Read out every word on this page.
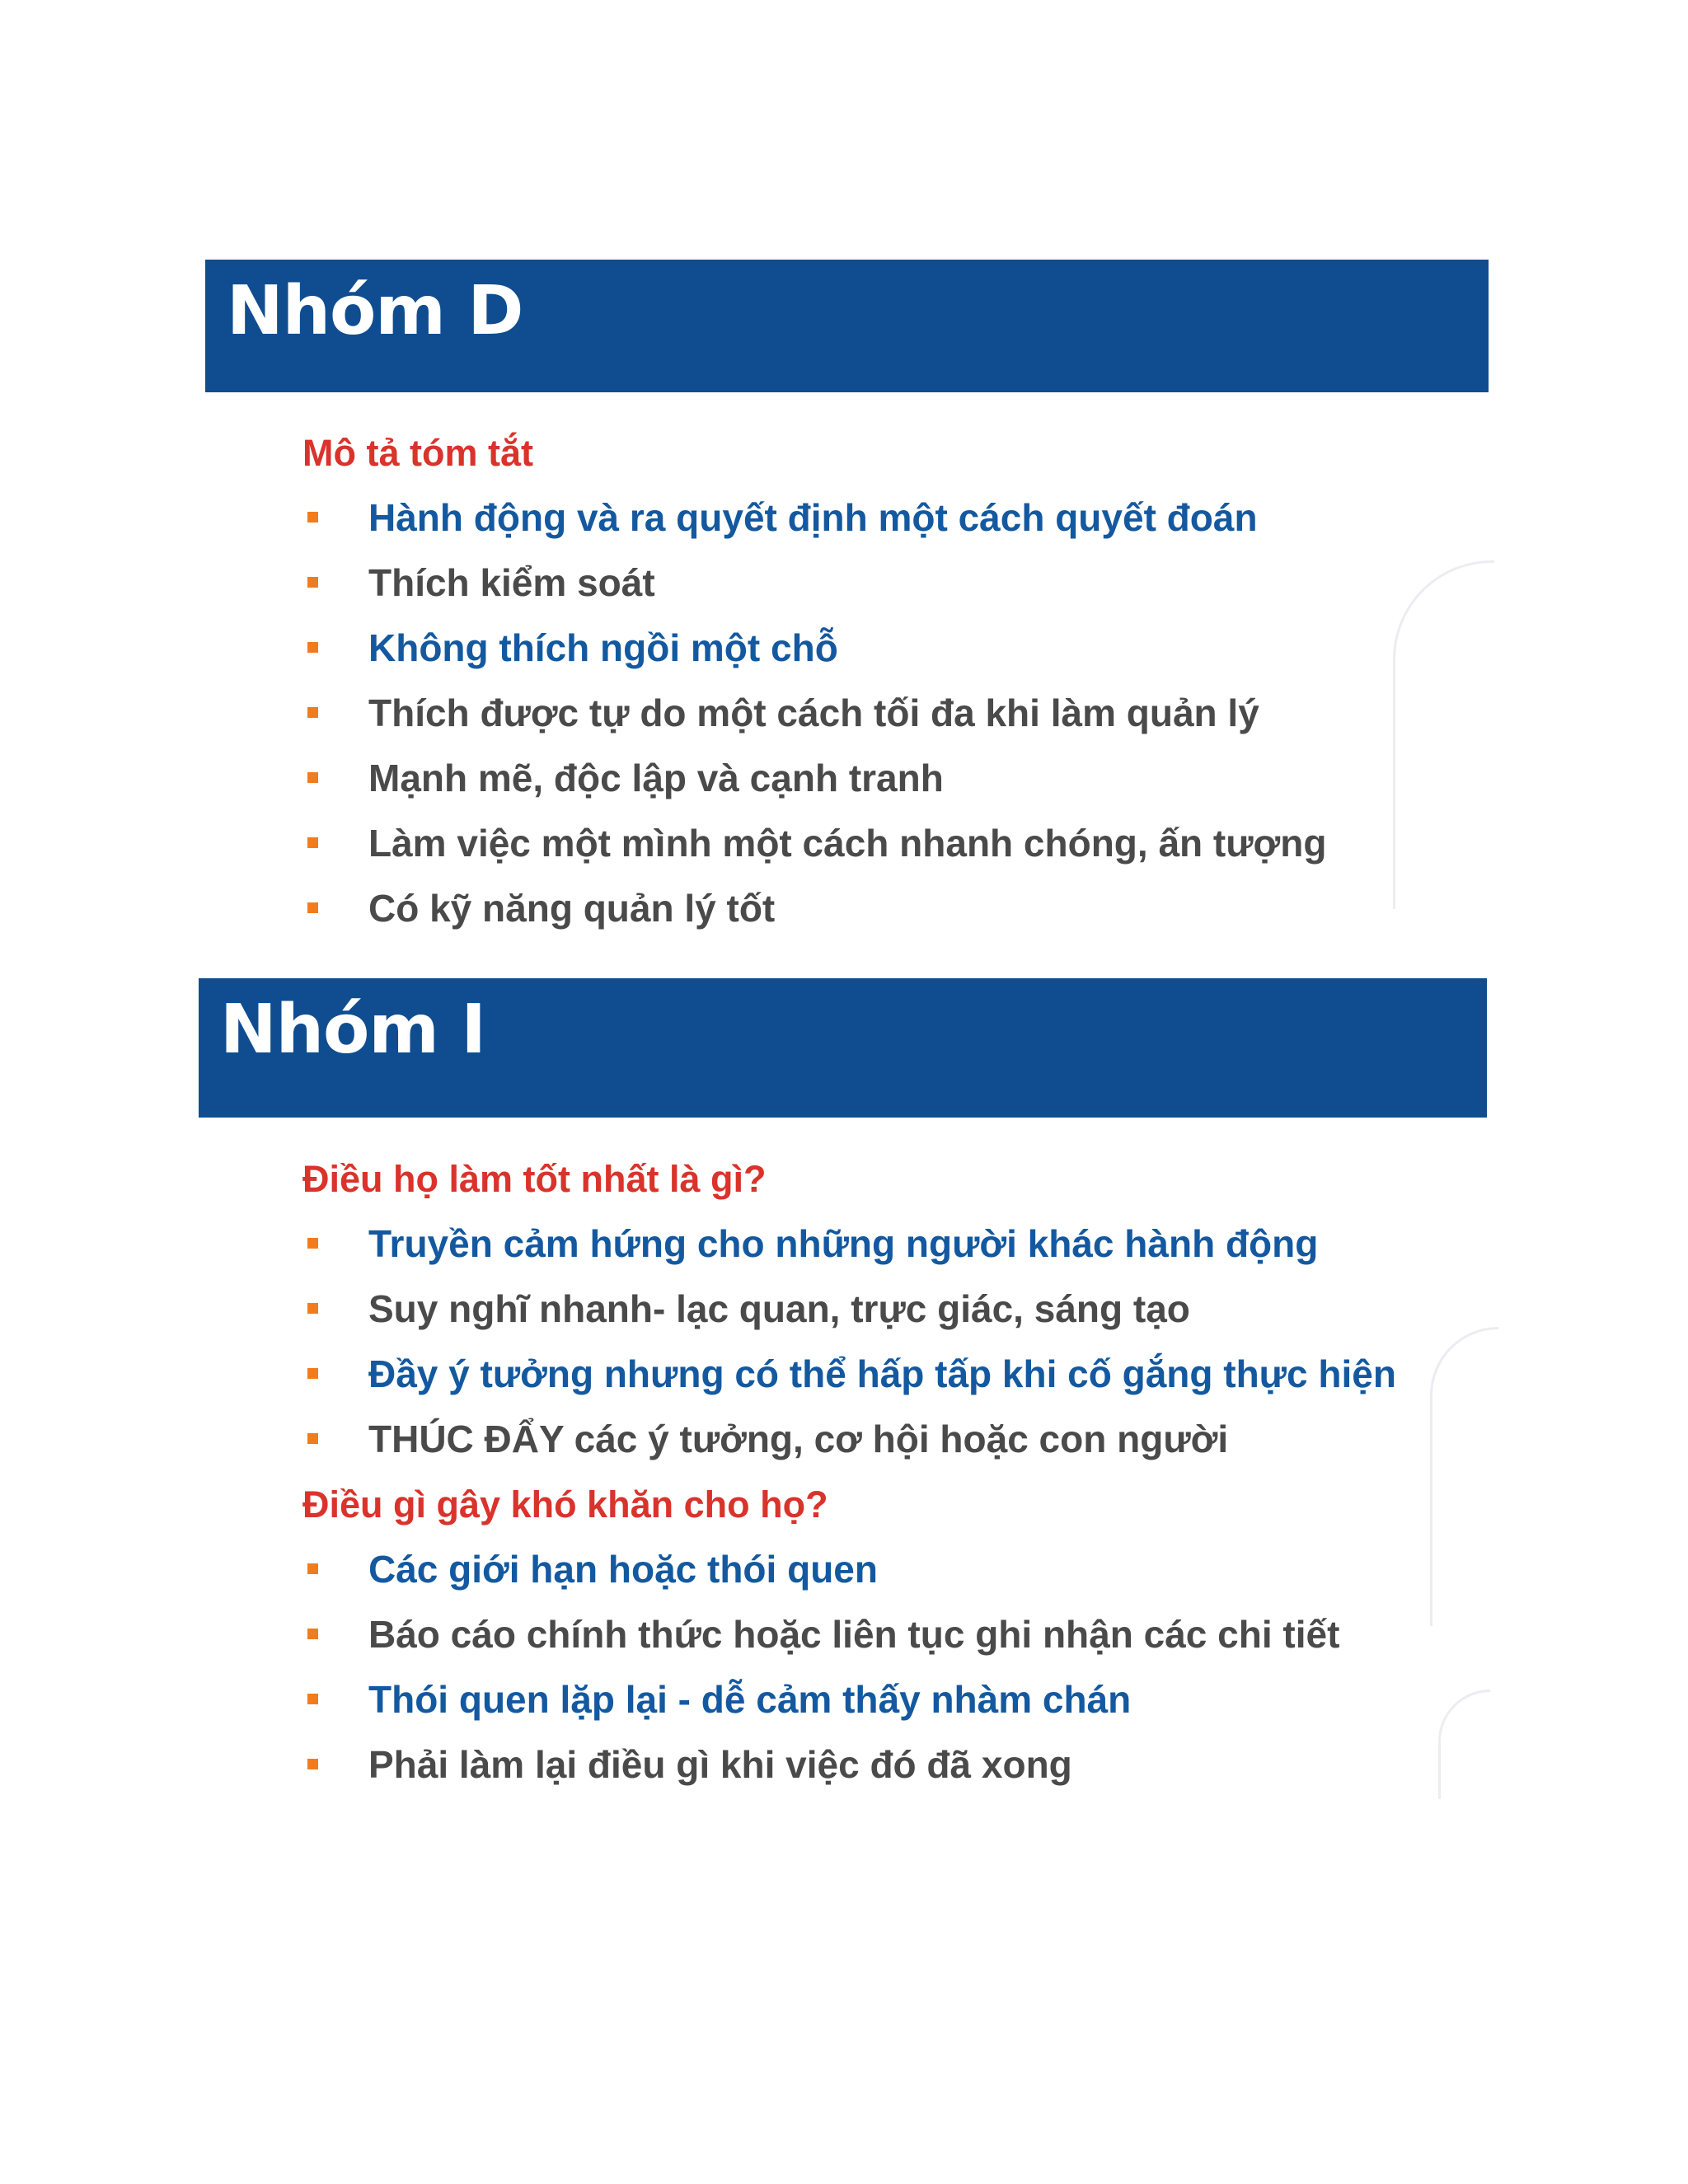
Nhóm D
Mô tả tóm tắt
Hành động và ra quyết định một cách quyết đoán
Thích kiểm soát
Không thích ngồi một chỗ
Thích được tự do một cách tối đa khi làm quản lý
Mạnh mẽ, độc lập và cạnh tranh
Làm việc một mình một cách nhanh chóng, ấn tượng
Có kỹ năng quản lý tốt
Nhóm I
Điều họ làm tốt nhất là gì?
Truyền cảm hứng cho những người khác hành động
Suy nghĩ nhanh- lạc quan, trực giác, sáng tạo
Đầy ý tưởng nhưng có thể hấp tấp khi cố gắng thực hiện
THÚC ĐẨY các ý tưởng, cơ hội hoặc con người
Điều gì gây khó khăn cho họ?
Các giới hạn hoặc thói quen
Báo cáo chính thức hoặc liên tục ghi nhận các chi tiết
Thói quen lặp lại - dễ cảm thấy nhàm chán
Phải làm lại điều gì khi việc đó đã xong
